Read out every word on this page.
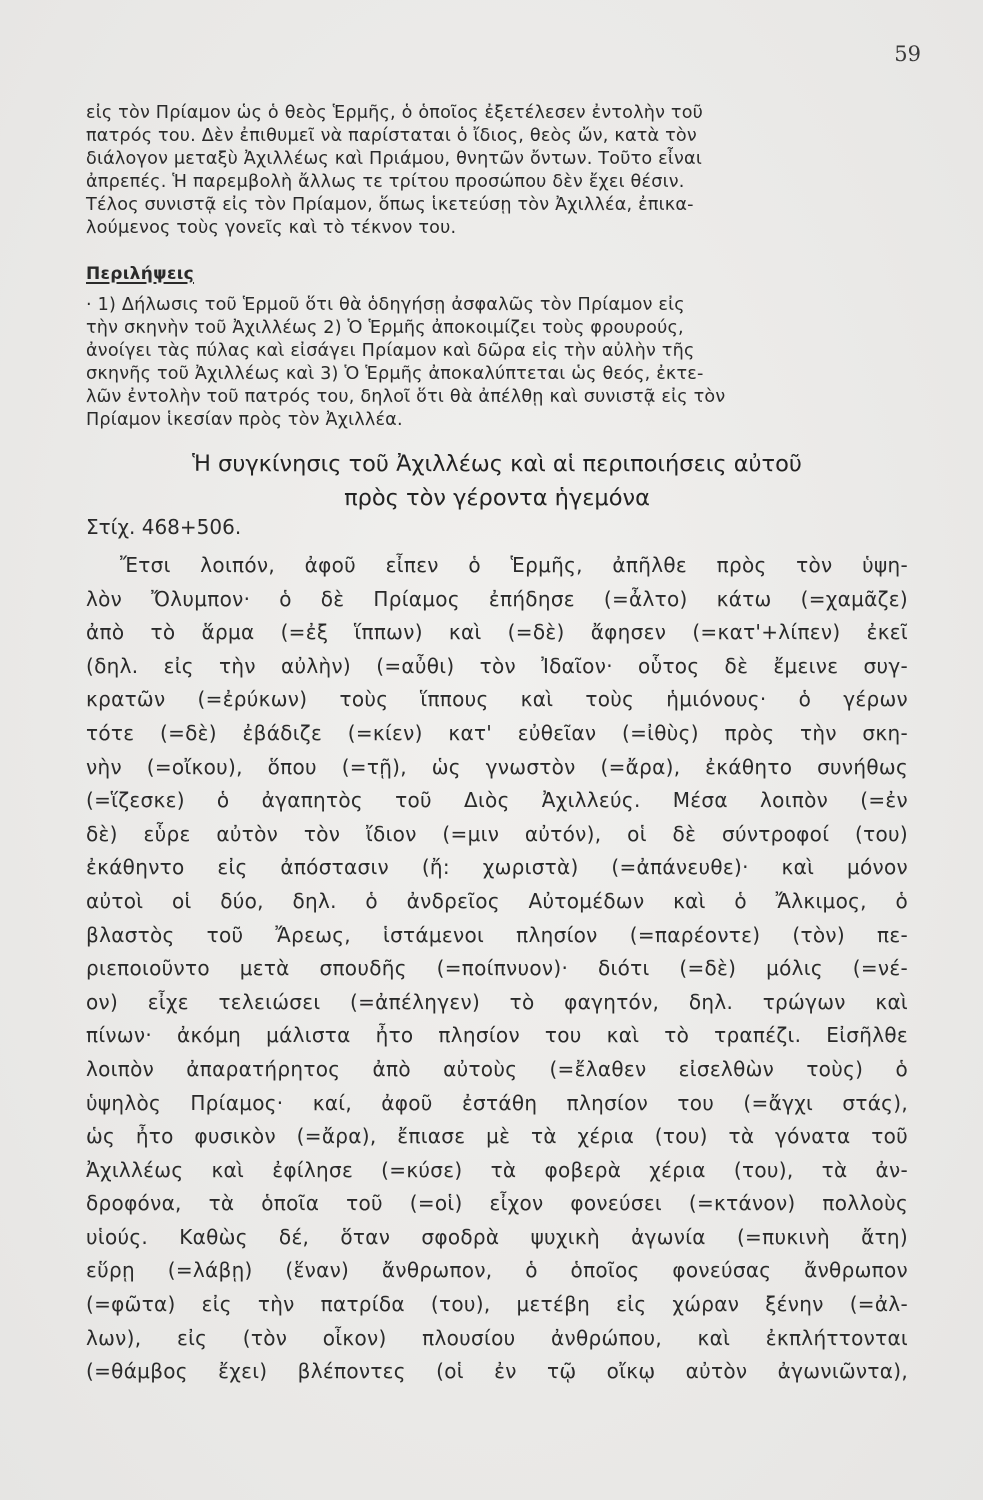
59
εἰς τὸν Πρίαμον ὡς ὁ θεὸς Ἑρμῆς, ὁ ὁποῖος ἐξετέλεσεν ἐντολὴν τοῦ
πατρός του. Δὲν ἐπιθυμεῖ νὰ παρίσταται ὁ ἴδιος, θεὸς ὤν, κατὰ τὸν
διάλογον μεταξὺ Ἀχιλλέως καὶ Πριάμου, θνητῶν ὄντων. Τοῦτο εἶναι
ἀπρεπές. Ἡ παρεμβολὴ ἄλλως τε τρίτου προσώπου δὲν ἔχει θέσιν.
Τέλος συνιστᾷ εἰς τὸν Πρίαμον, ὅπως ἱκετεύσῃ τὸν Ἀχιλλέα, ἐπικα-
λούμενος τοὺς γονεῖς καὶ τὸ τέκνον του.
Περιλήψεις
· 1) Δήλωσις τοῦ Ἑρμοῦ ὅτι θὰ ὁδηγήσῃ ἀσφαλῶς τὸν Πρίαμον εἰς
τὴν σκηνὴν τοῦ Ἀχιλλέως 2) Ὁ Ἑρμῆς ἀποκοιμίζει τοὺς φρουρούς,
ἀνοίγει τὰς πύλας καὶ εἰσάγει Πρίαμον καὶ δῶρα εἰς τὴν αὐλὴν τῆς
σκηνῆς τοῦ Ἀχιλλέως καὶ 3) Ὁ Ἑρμῆς ἀποκαλύπτεται ὡς θεός, ἐκτε-
λῶν ἐντολὴν τοῦ πατρός του, δηλοῖ ὅτι θὰ ἀπέλθῃ καὶ συνιστᾷ εἰς τὸν
Πρίαμον ἱκεσίαν πρὸς τὸν Ἀχιλλέα.
Ἡ συγκίνησις τοῦ Ἀχιλλέως καὶ αἱ περιποιήσεις αὐτοῦ
πρὸς τὸν γέροντα ἡγεμόνα
Στίχ. 468+506.
Ἔτσι λοιπόν, ἀφοῦ εἶπεν ὁ Ἑρμῆς, ἀπῆλθε πρὸς τὸν ὑψη-
λὸν Ὄλυμπον· ὁ δὲ Πρίαμος ἐπήδησε (=ἆλτο) κάτω (=χαμᾶζε)
ἀπὸ τὸ ἅρμα (=ἐξ ἵππων) καὶ (=δὲ) ἄφησεν (=κατ'+λίπεν) ἐκεῖ
(δηλ. εἰς τὴν αὐλὴν) (=αὖθι) τὸν Ἰδαῖον· οὗτος δὲ ἔμεινε συγ-
κρατῶν (=ἐρύκων) τοὺς ἵππους καὶ τοὺς ἡμιόνους· ὁ γέρων
τότε (=δὲ) ἐβάδιζε (=κίεν) κατ' εὐθεῖαν (=ἰθὺς) πρὸς τὴν σκη-
νὴν (=οἴκου), ὅπου (=τῇ), ὡς γνωστὸν (=ἄρα), ἐκάθητο συνήθως
(=ἵζεσκε) ὁ ἀγαπητὸς τοῦ Διὸς Ἀχιλλεύς. Μέσα λοιπὸν (=ἐν
δὲ) εὗρε αὐτὸν τὸν ἴδιον (=μιν αὐτόν), οἱ δὲ σύντροφοί (του)
ἐκάθηντο εἰς ἀπόστασιν (ἤ: χωριστὰ) (=ἀπάνευθε)· καὶ μόνον
αὐτοὶ οἱ δύο, δηλ. ὁ ἀνδρεῖος Αὐτομέδων καὶ ὁ Ἄλκιμος, ὁ
βλαστὸς τοῦ Ἄρεως, ἱστάμενοι πλησίον (=παρέοντε) (τὸν) πε-
ριεποιοῦντο μετὰ σπουδῆς (=ποίπνυον)· διότι (=δὲ) μόλις (=νέ-
ον) εἶχε τελειώσει (=ἀπέληγεν) τὸ φαγητόν, δηλ. τρώγων καὶ
πίνων· ἀκόμη μάλιστα ἦτο πλησίον του καὶ τὸ τραπέζι. Εἰσῆλθε
λοιπὸν ἀπαρατήρητος ἀπὸ αὐτοὺς (=ἔλαθεν εἰσελθὼν τοὺς) ὁ
ὑψηλὸς Πρίαμος· καί, ἀφοῦ ἐστάθη πλησίον του (=ἄγχι στάς),
ὡς ἦτο φυσικὸν (=ἄρα), ἔπιασε μὲ τὰ χέρια (του) τὰ γόνατα τοῦ
Ἀχιλλέως καὶ ἐφίλησε (=κύσε) τὰ φοβερὰ χέρια (του), τὰ ἀν-
δροφόνα, τὰ ὁποῖα τοῦ (=οἱ) εἶχον φονεύσει (=κτάνον) πολλοὺς
υἱούς. Καθὼς δέ, ὅταν σφοδρὰ ψυχικὴ ἀγωνία (=πυκινὴ ἄτη)
εὕρῃ (=λάβῃ) (ἕναν) ἄνθρωπον, ὁ ὁποῖος φονεύσας ἄνθρωπον
(=φῶτα) εἰς τὴν πατρίδα (του), μετέβη εἰς χώραν ξένην (=ἀλ-
λων), εἰς (τὸν οἶκον) πλουσίου ἀνθρώπου, καὶ ἐκπλήττονται
(=θάμβος ἔχει) βλέποντες (οἱ ἐν τῷ οἴκῳ αὐτὸν ἀγωνιῶντα),
